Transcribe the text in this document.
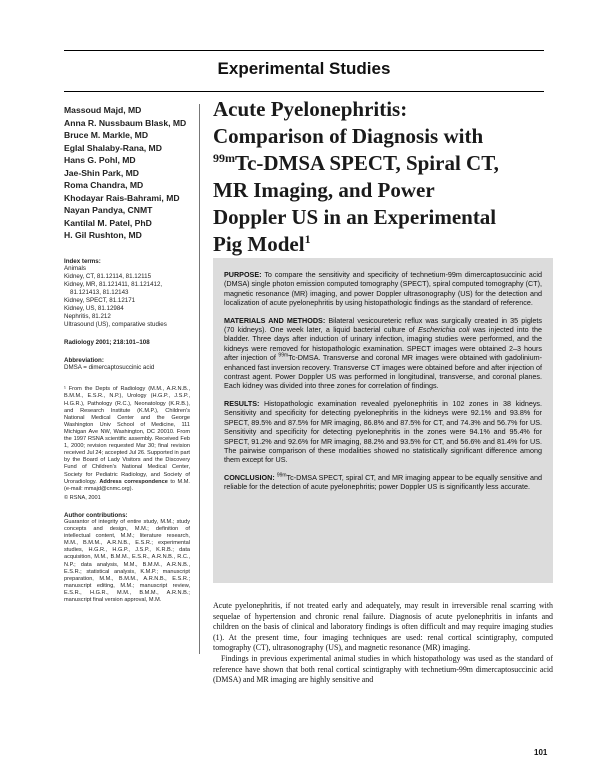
Experimental Studies
Massoud Majd, MD
Anna R. Nussbaum Blask, MD
Bruce M. Markle, MD
Eglal Shalaby-Rana, MD
Hans G. Pohl, MD
Jae-Shin Park, MD
Roma Chandra, MD
Khodayar Rais-Bahrami, MD
Nayan Pandya, CNMT
Kantilal M. Patel, PhD
H. Gil Rushton, MD
Index terms:
Animals
Kidney, CT, 81.12114, 81.12115
Kidney, MR, 81.121411, 81.121412,
81.121413, 81.12143
Kidney, SPECT, 81.12171
Kidney, US, 81.12984
Nephritis, 81.212
Ultrasound (US), comparative studies
Radiology 2001; 218:101–108
Abbreviation:
DMSA = dimercaptosuccinic acid
¹ From the Depts of Radiology (M.M., A.R.N.B., B.M.M., E.S.R., N.P.), Urology (H.G.P., J.S.P., H.G.R.), Pathology (R.C.), Neonatology (K.R.B.), and Research Institute (K.M.P.), Children's National Medical Center and the George Washington Univ School of Medicine, 111 Michigan Ave NW, Washington, DC 20010. From the 1997 RSNA scientific assembly. Received Feb 1, 2000; revision requested Mar 30; final revision received Jul 24; accepted Jul 26. Supported in part by the Board of Lady Visitors and the Discovery Fund of Children's National Medical Center, Society for Pediatric Radiology, and Society of Uroradiology. Address correspondence to M.M. (e-mail: mmajd@cnmc.org).
© RSNA, 2001
Author contributions:
Guarantor of integrity of entire study, M.M.; study concepts and design, M.M.; definition of intellectual content, M.M.; literature research, M.M., B.M.M., A.R.N.B., E.S.R.; experimental studies, H.G.R., H.G.P., J.S.P., K.R.B.; data acquisition, M.M., B.M.M., E.S.R., A.R.N.B., R.C., N.P.; data analysis, M.M., B.M.M., A.R.N.B., E.S.R.; statistical analysis, K.M.P.; manuscript preparation, M.M., B.M.M., A.R.N.B., E.S.R.; manuscript editing, M.M.; manuscript review, E.S.R., H.G.R., M.M., B.M.M., A.R.N.B.; manuscript final version approval, M.M.
Acute Pyelonephritis:
Comparison of Diagnosis with
$^{99m}$Tc-DMSA SPECT, Spiral CT,
MR Imaging, and Power
Doppler US in an Experimental
Pig Model$^1$

PURPOSE: To compare the sensitivity and specificity of technetium-99m dimercaptosuccinic acid (DMSA) single photon emission computed tomography (SPECT), spiral computed tomography (CT), magnetic resonance (MR) imaging, and power Doppler ultrasonography (US) for the detection and localization of acute pyelonephritis by using histopathologic findings as the standard of reference.

MATERIALS AND METHODS: Bilateral vesicoureteric reflux was surgically created in 35 piglets (70 kidneys). One week later, a liquid bacterial culture of Escherichia coli was injected into the bladder. Three days after induction of urinary infection, imaging studies were performed, and the kidneys were removed for histopathologic examination. SPECT images were obtained 2–3 hours after injection of $^{99m}$Tc-DMSA. Transverse and coronal MR images were obtained with gadolinium-enhanced fast inversion recovery. Transverse CT images were obtained before and after injection of contrast agent. Power Doppler US was performed in longitudinal, transverse, and coronal planes. Each kidney was divided into three zones for correlation of findings.

RESULTS: Histopathologic examination revealed pyelonephritis in 102 zones in 38 kidneys. Sensitivity and specificity for detecting pyelonephritis in the kidneys were 92.1% and 93.8% for SPECT, 89.5% and 87.5% for MR imaging, 86.8% and 87.5% for CT, and 74.3% and 56.7% for US. Sensitivity and specificity for detecting pyelonephritis in the zones were 94.1% and 95.4% for SPECT, 91.2% and 92.6% for MR imaging, 88.2% and 93.5% for CT, and 56.6% and 81.4% for US. The pairwise comparison of these modalities showed no statistically significant difference among them except for US.

CONCLUSION: $^{99m}$Tc-DMSA SPECT, spiral CT, and MR imaging appear to be equally sensitive and reliable for the detection of acute pyelonephritis; power Doppler US is significantly less accurate.

Acute pyelonephritis, if not treated early and adequately, may result in irreversible renal scarring with sequelae of hypertension and chronic renal failure. Diagnosis of acute pyelonephritis in infants and children on the basis of clinical and laboratory findings is often difficult and may require imaging studies (1). At the present time, four imaging techniques are used: renal cortical scintigraphy, computed tomography (CT), ultrasonography (US), and magnetic resonance (MR) imaging.

Findings in previous experimental animal studies in which histopathology was used as the standard of reference have shown that both renal cortical scintigraphy with technetium-99m dimercaptosuccinic acid (DMSA) and MR imaging are highly sensitive and

101
